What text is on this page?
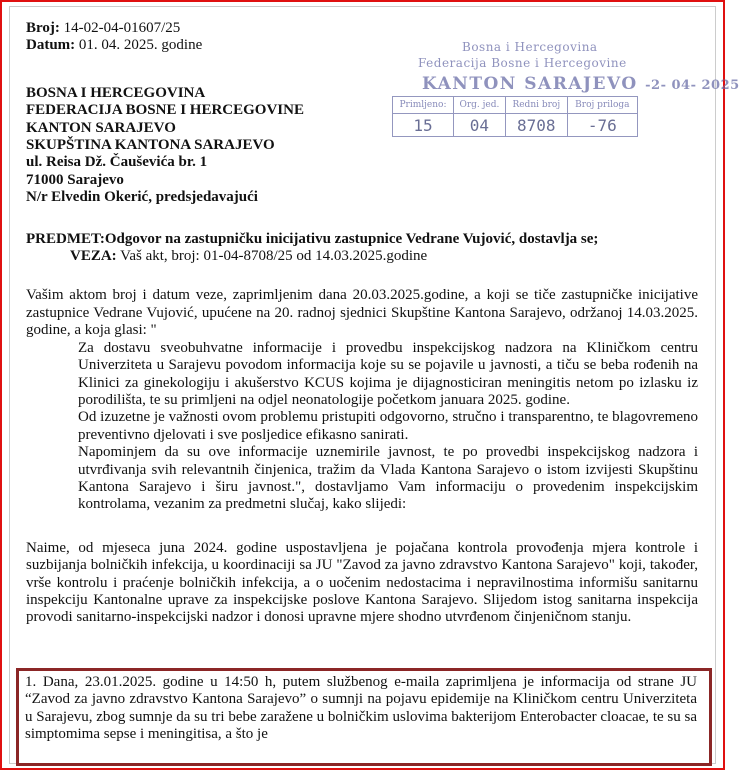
Bosna i Hercegovina
Federacija Bosne i Hercegovine
KANTON SARAJEVO -2- 04- 2025
Primljeno:	Org. jed.	Redni broj	Broj priloga
15	04	8708	-76
Broj: 14-02-04-01607/25
Datum: 01. 04. 2025. godine
BOSNA I HERCEGOVINA
FEDERACIJA BOSNE I HERCEGOVINE
KANTON SARAJEVO
SKUPŠTINA KANTONA SARAJEVO
ul. Reisa Dž. Čauševića br. 1
71000 Sarajevo
N/r Elvedin Okerić, predsjedavajući
PREDMET:Odgovor na zastupničku inicijativu zastupnice Vedrane Vujović, dostavlja se;
VEZA: Vaš akt, broj: 01-04-8708/25 od 14.03.2025.godine
Vašim aktom broj i datum veze, zaprimljenim dana 20.03.2025.godine, a koji se tiče zastupničke inicijative zastupnice Vedrane Vujović, upućene na 20. radnoj sjednici Skupštine Kantona Sarajevo, održanoj 14.03.2025. godine, a koja glasi: "
Za dostavu sveobuhvatne informacije i provedbu inspekcijskog nadzora na Kliničkom centru Univerziteta u Sarajevu povodom informacija koje su se pojavile u javnosti, a tiču se beba rođenih na Klinici za ginekologiju i akušerstvo KCUS kojima je dijagnosticiran meningitis netom po izlasku iz porodilišta, te su primljeni na odjel neonatologije početkom januara 2025. godine.
Od izuzetne je važnosti ovom problemu pristupiti odgovorno, stručno i transparentno, te blagovremeno preventivno djelovati i sve posljedice efikasno sanirati.
Napominjem da su ove informacije uznemirile javnost, te po provedbi inspekcijskog nadzora i utvrđivanja svih relevantnih činjenica, tražim da Vlada Kantona Sarajevo o istom izvijesti Skupštinu Kantona Sarajevo i širu javnost.", dostavljamo Vam informaciju o provedenim inspekcijskim kontrolama, vezanim za predmetni slučaj, kako slijedi:
Naime, od mjeseca juna 2024. godine uspostavljena je pojačana kontrola provođenja mjera kontrole i suzbijanja bolničkih infekcija, u koordinaciji sa JU "Zavod za javno zdravstvo Kantona Sarajevo" koji, također, vrše kontrolu i praćenje bolničkih infekcija, a o uočenim nedostacima i nepravilnostima informišu sanitarnu inspekciju Kantonalne uprave za inspekcijske poslove Kantona Sarajevo. Slijedom istog sanitarna inspekcija provodi sanitarno-inspekcijski nadzor i donosi upravne mjere shodno utvrđenom činjeničnom stanju.
1. Dana, 23.01.2025. godine u 14:50 h, putem službenog e-maila zaprimljena je informacija od strane JU “Zavod za javno zdravstvo Kantona Sarajevo” o sumnji na pojavu epidemije na Kliničkom centru Univerziteta u Sarajevu, zbog sumnje da su tri bebe zaražene u bolničkim uslovima bakterijom Enterobacter cloacae, te su sa simptomima sepse i meningitisa, a što je
